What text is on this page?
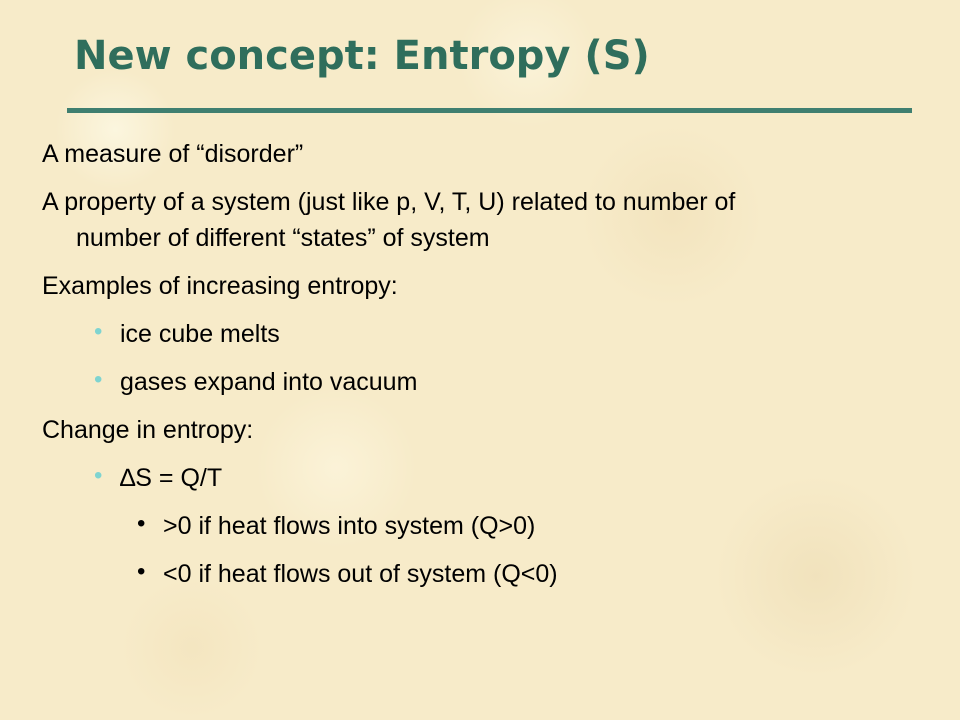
New concept: Entropy (S)

A measure of “disorder”

A property of a system (just like p, V, T, U) related to number of number of different “states” of system

Examples of increasing entropy:

• ice cube melts
• gases expand into vacuum

Change in entropy:

• ∆S = Q/T
• >0 if heat flows into system (Q>0)
• <0 if heat flows out of system (Q<0)
